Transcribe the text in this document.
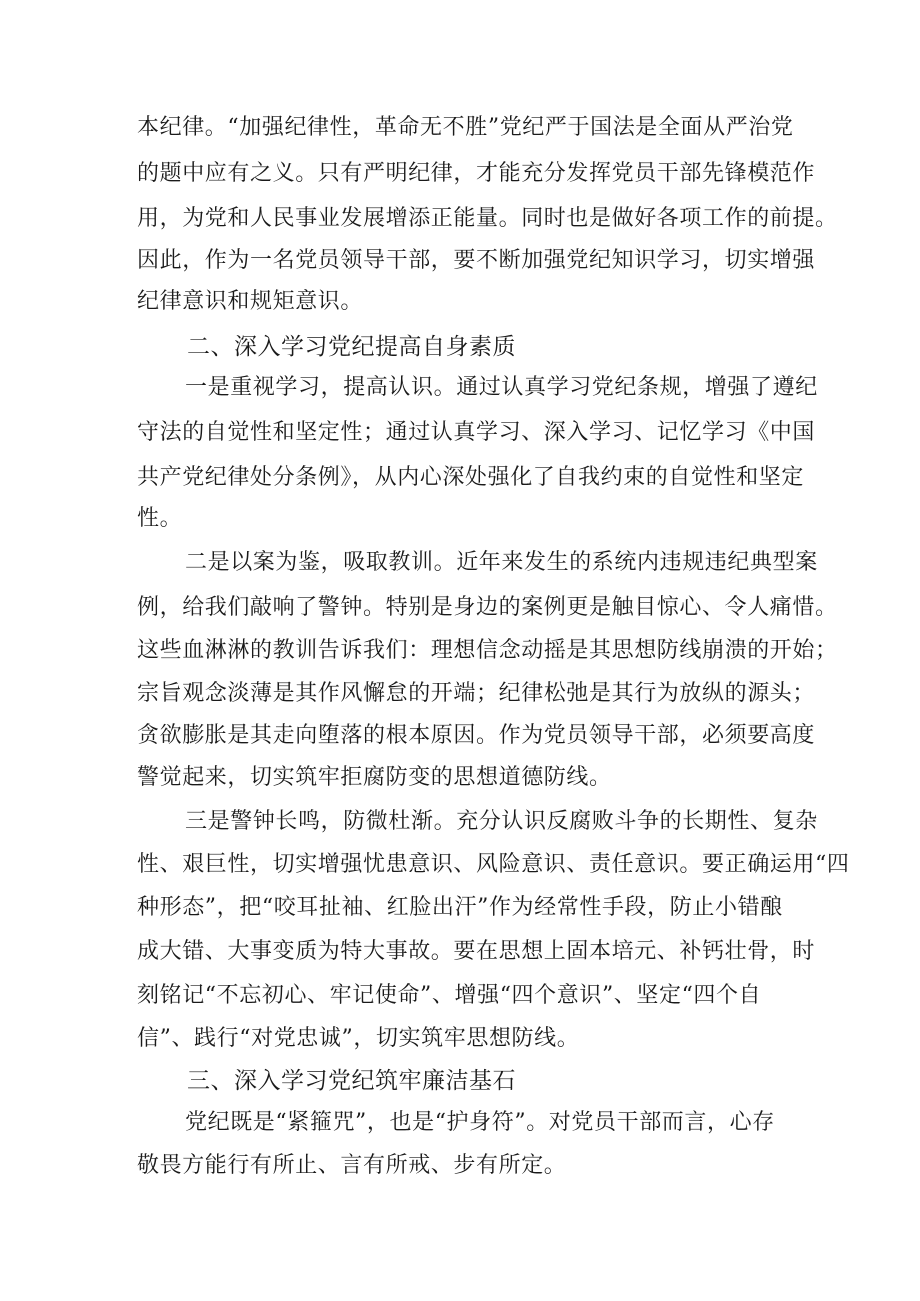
本纪律。“加强纪律性，革命无不胜”党纪严于国法是全面从严治党
的题中应有之义。只有严明纪律，才能充分发挥党员干部先锋模范作
用，为党和人民事业发展增添正能量。同时也是做好各项工作的前提。
因此，作为一名党员领导干部，要不断加强党纪知识学习，切实增强
纪律意识和规矩意识。
二、深入学习党纪提高自身素质
一是重视学习，提高认识。通过认真学习党纪条规，增强了遵纪
守法的自觉性和坚定性；通过认真学习、深入学习、记忆学习《中国
共产党纪律处分条例》，从内心深处强化了自我约束的自觉性和坚定
性。
二是以案为鉴，吸取教训。近年来发生的系统内违规违纪典型案
例，给我们敲响了警钟。特别是身边的案例更是触目惊心、令人痛惜。
这些血淋淋的教训告诉我们：理想信念动摇是其思想防线崩溃的开始；
宗旨观念淡薄是其作风懈怠的开端；纪律松弛是其行为放纵的源头；
贪欲膨胀是其走向堕落的根本原因。作为党员领导干部，必须要高度
警觉起来，切实筑牢拒腐防变的思想道德防线。
三是警钟长鸣，防微杜渐。充分认识反腐败斗争的长期性、复杂
性、艰巨性，切实增强忧患意识、风险意识、责任意识。要正确运用“四
种形态”，把“咬耳扯袖、红脸出汗”作为经常性手段，防止小错酿
成大错、大事变质为特大事故。要在思想上固本培元、补钙壮骨，时
刻铭记“不忘初心、牢记使命”、增强“四个意识”、坚定“四个自
信”、践行“对党忠诚”，切实筑牢思想防线。
三、深入学习党纪筑牢廉洁基石
党纪既是“紧箍咒”，也是“护身符”。对党员干部而言，心存
敬畏方能行有所止、言有所戒、步有所定。
